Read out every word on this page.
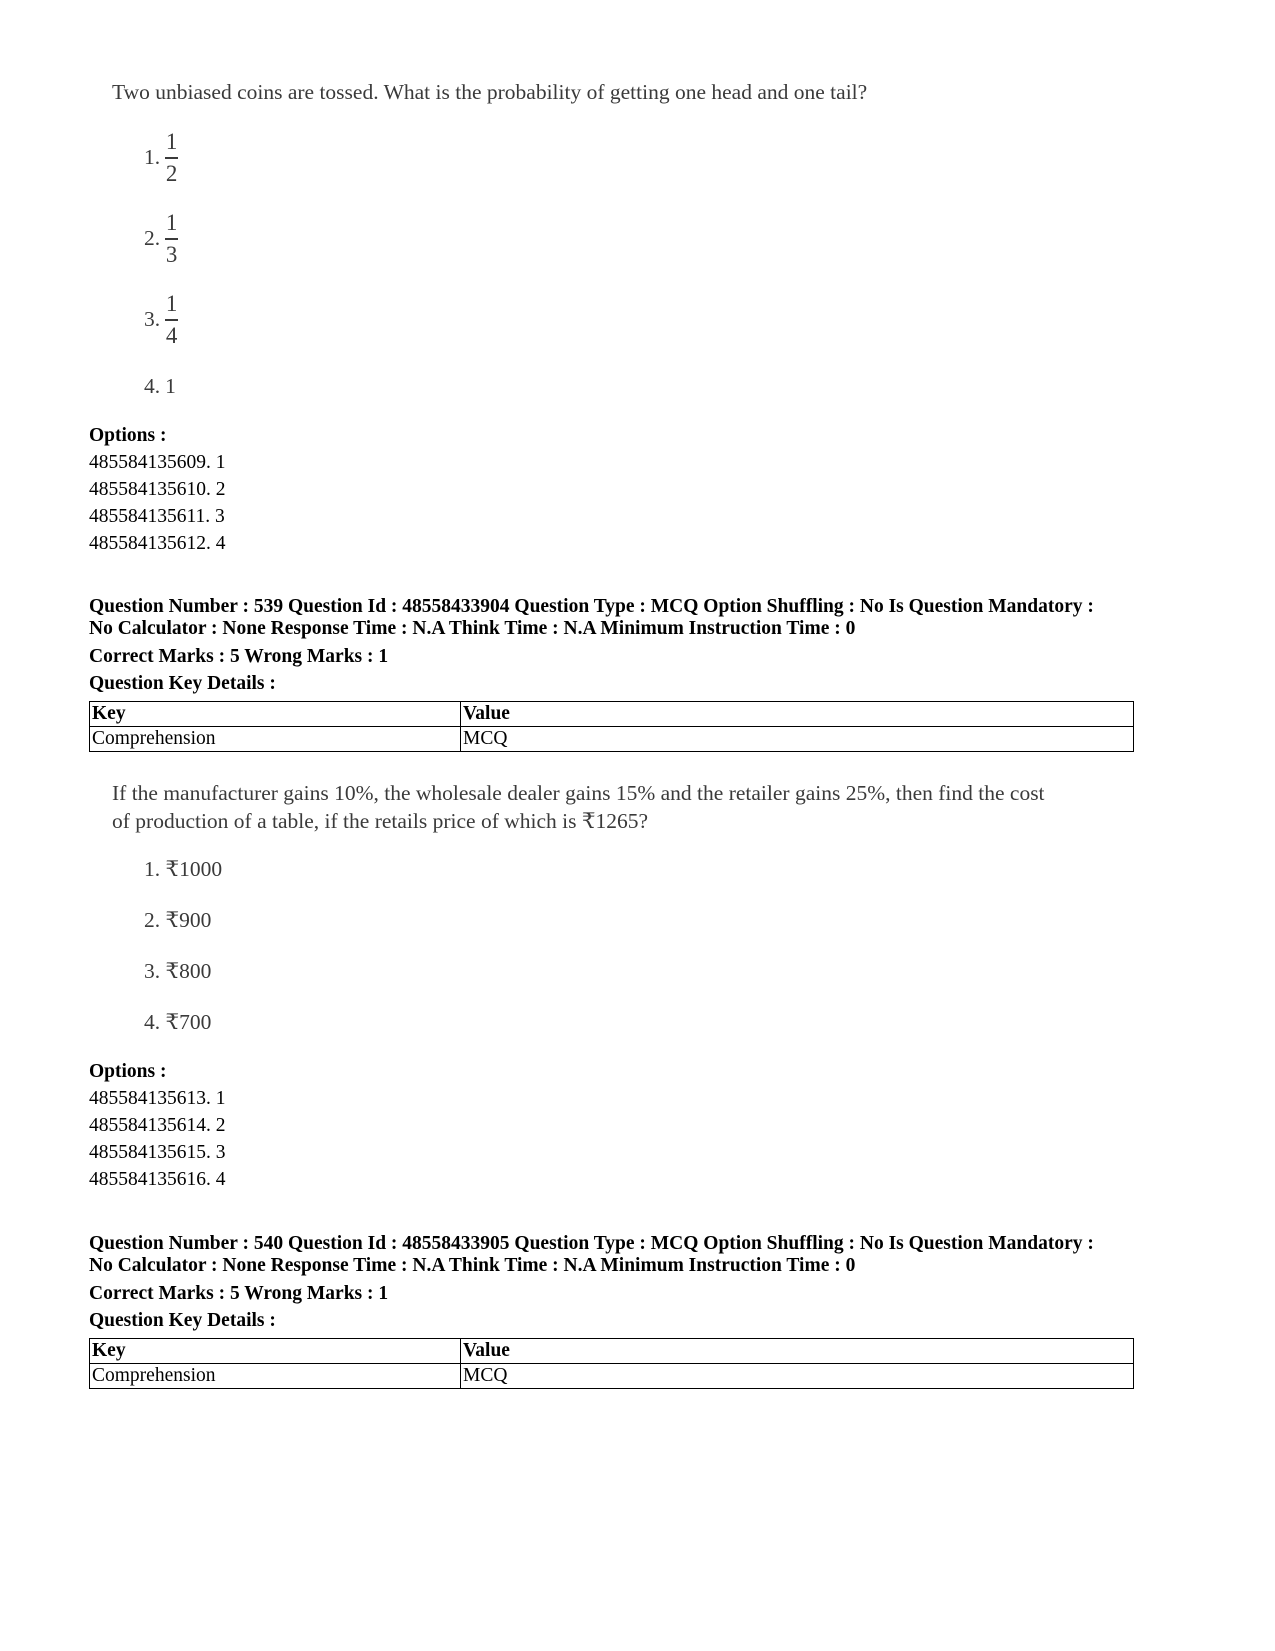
Two unbiased coins are tossed. What is the probability of getting one head and one tail?
1. $\frac{1}{2}$
2. $\frac{1}{3}$
3. $\frac{1}{4}$
4. 1
Options :
485584135609. 1
485584135610. 2
485584135611. 3
485584135612. 4
Question Number : 539 Question Id : 48558433904 Question Type : MCQ Option Shuffling : No Is Question Mandatory :
No Calculator : None Response Time : N.A Think Time : N.A Minimum Instruction Time : 0
Correct Marks : 5 Wrong Marks : 1
Question Key Details :
Key	Value
Comprehension	MCQ
If the manufacturer gains 10%, the wholesale dealer gains 15% and the retailer gains 25%, then find the cost
of production of a table, if the retails price of which is ₹1265?
1. ₹1000
2. ₹900
3. ₹800
4. ₹700
Options :
485584135613. 1
485584135614. 2
485584135615. 3
485584135616. 4
Question Number : 540 Question Id : 48558433905 Question Type : MCQ Option Shuffling : No Is Question Mandatory :
No Calculator : None Response Time : N.A Think Time : N.A Minimum Instruction Time : 0
Correct Marks : 5 Wrong Marks : 1
Question Key Details :
Key	Value
Comprehension	MCQ
